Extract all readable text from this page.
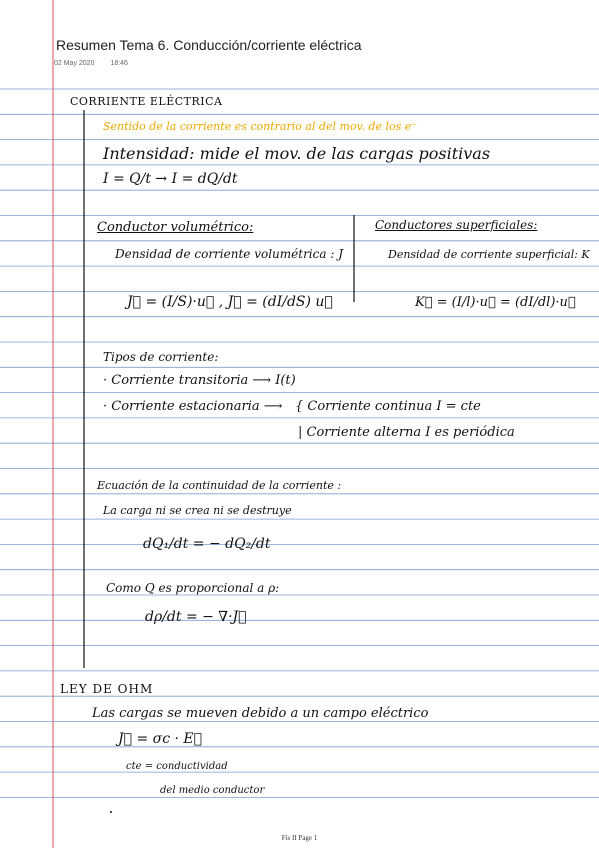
Resumen Tema 6. Conducción/corriente eléctrica
02 May 2020 18:46
CORRIENTE ELÉCTRICA
Sentido de la corriente es contrario al del mov. de los e⁻
Intensidad: mide el mov. de las cargas positivas
I = Q/t → I = dQ/dt
Conductor volumétrico:
Densidad de corriente volumétrica : J
J⃗ = (I/S)·u⃗ , J⃗ = (dI/dS) u⃗
Conductores superficiales:
Densidad de corriente superficial: K
K⃗ = (I/l)·u⃗ = (dI/dl)·u⃗
Tipos de corriente:
· Corriente transitoria ⟶ I(t)
· Corriente estacionaria ⟶ { Corriente continua I = cte
| Corriente alterna I es periódica
Ecuación de la continuidad de la corriente :
La carga ni se crea ni se destruye
dQ₁/dt = − dQ₂/dt
Como Q es proporcional a ρ:
dρ/dt = − ∇·J⃗
LEY DE OHM
Las cargas se mueven debido a un campo eléctrico
J⃗ = σc · E⃗
cte = conductividad
del medio conductor
Fís II Page 1
